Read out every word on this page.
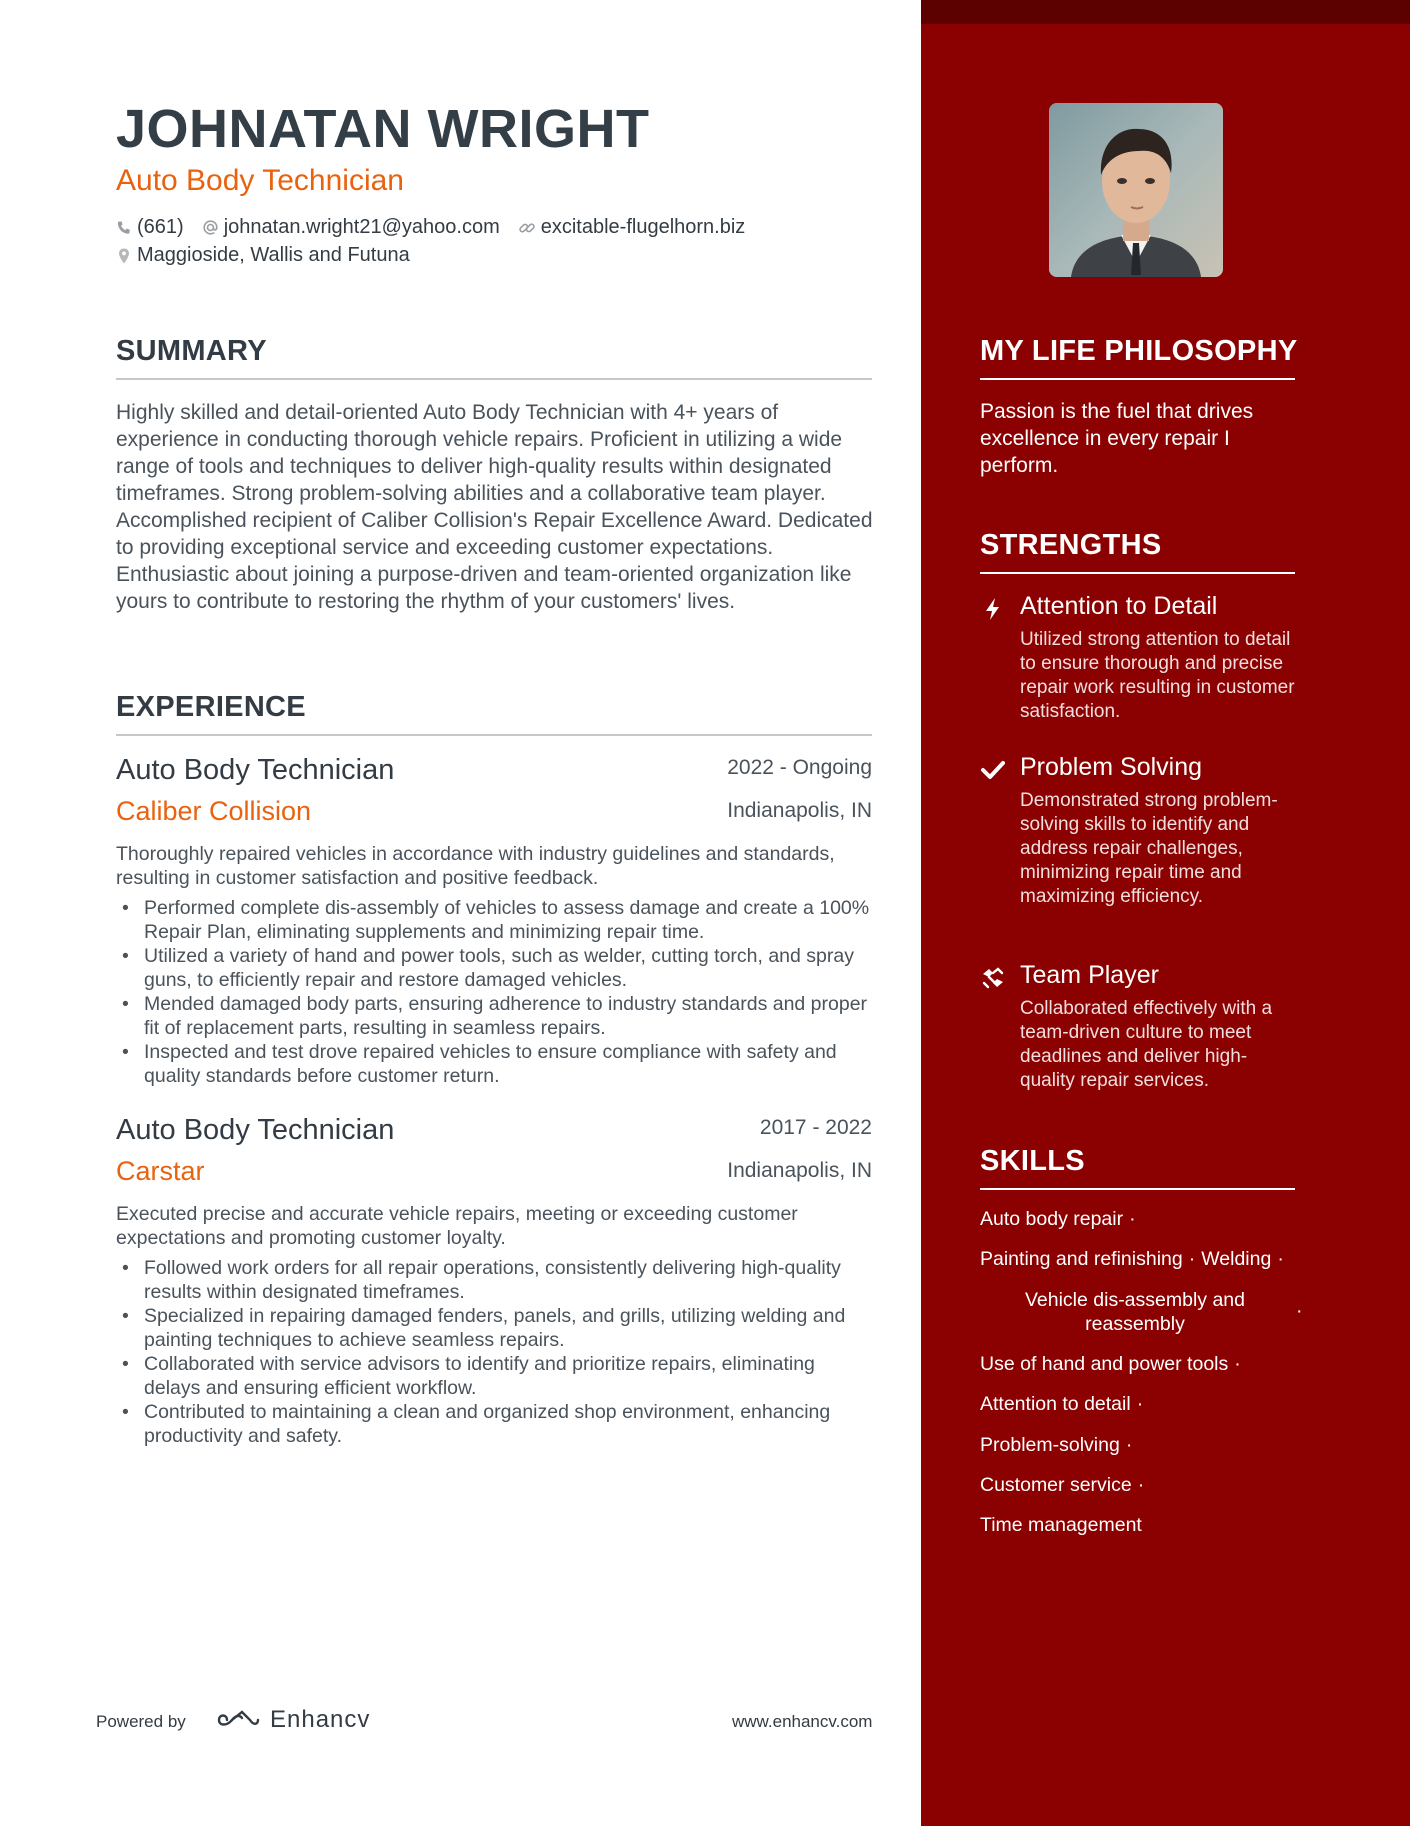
JOHNATAN WRIGHT
Auto Body Technician
(661) johnatan.wright21@yahoo.com excitable-flugelhorn.biz
Maggioside, Wallis and Futuna
SUMMARY

Highly skilled and detail-oriented Auto Body Technician with 4+ years of experience in conducting thorough vehicle repairs. Proficient in utilizing a wide range of tools and techniques to deliver high-quality results within designated timeframes. Strong problem-solving abilities and a collaborative team player. Accomplished recipient of Caliber Collision's Repair Excellence Award. Dedicated to providing exceptional service and exceeding customer expectations. Enthusiastic about joining a purpose-driven and team-oriented organization like yours to contribute to restoring the rhythm of your customers' lives.

EXPERIENCE
Auto Body Technician	2022 - Ongoing
Caliber Collision	Indianapolis, IN

Thoroughly repaired vehicles in accordance with industry guidelines and standards, resulting in customer satisfaction and positive feedback.

• Performed complete dis-assembly of vehicles to assess damage and create a 100% Repair Plan, eliminating supplements and minimizing repair time.
• Utilized a variety of hand and power tools, such as welder, cutting torch, and spray guns, to efficiently repair and restore damaged vehicles.
• Mended damaged body parts, ensuring adherence to industry standards and proper fit of replacement parts, resulting in seamless repairs.
• Inspected and test drove repaired vehicles to ensure compliance with safety and quality standards before customer return.
Auto Body Technician	2017 - 2022
Carstar	Indianapolis, IN

Executed precise and accurate vehicle repairs, meeting or exceeding customer expectations and promoting customer loyalty.

• Followed work orders for all repair operations, consistently delivering high-quality results within designated timeframes.
• Specialized in repairing damaged fenders, panels, and grills, utilizing welding and painting techniques to achieve seamless repairs.
• Collaborated with service advisors to identify and prioritize repairs, eliminating delays and ensuring efficient workflow.
• Contributed to maintaining a clean and organized shop environment, enhancing productivity and safety.
Powered by	Enhancv	www.enhancv.com
MY LIFE PHILOSOPHY

Passion is the fuel that drives excellence in every repair I perform.

STRENGTHS
Attention to Detail

Utilized strong attention to detail to ensure thorough and precise repair work resulting in customer satisfaction.

Problem Solving

Demonstrated strong problem-solving skills to identify and address repair challenges, minimizing repair time and maximizing efficiency.

Team Player

Collaborated effectively with a team-driven culture to meet deadlines and deliver high-quality repair services.

SKILLS
Auto body repair ·
Painting and refinishing · Welding ·
Vehicle dis-assembly and reassembly
·
Use of hand and power tools ·
Attention to detail ·
Problem-solving ·
Customer service ·
Time management
